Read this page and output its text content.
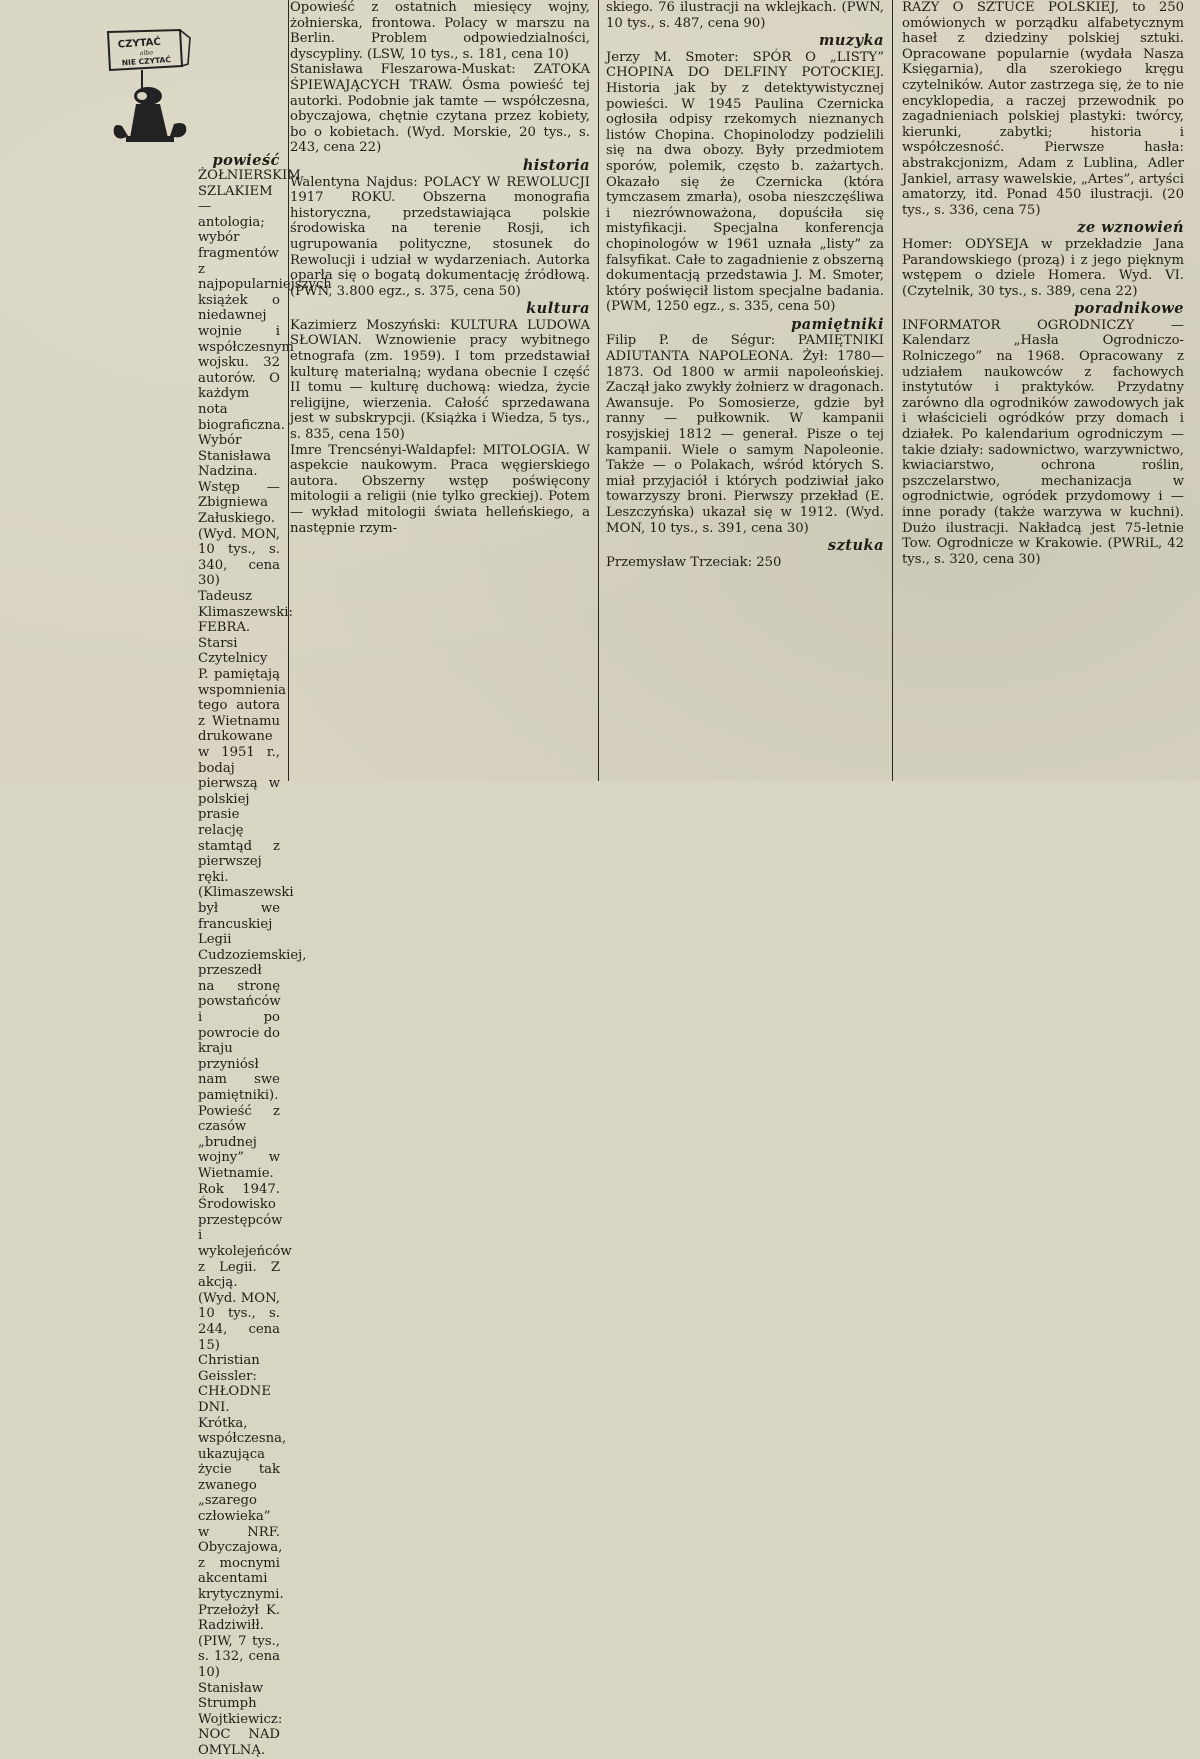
CZYTAĆ
albo
NIE CZYTAĆ
powieść

ŻOŁNIERSKIM SZLAKIEM — antologia; wybór fragmentów z najpopularniejszych książek o niedawnej wojnie i współczesnym wojsku. 32 autorów. O każdym nota biograficzna. Wybór Stanisława Nadzina. Wstęp — Zbigniewa Załuskiego. (Wyd. MON, 10 tys., s. 340, cena 30)

Tadeusz Klimaszewski: FEBRA. Starsi Czytelnicy P. pamiętają wspomnienia tego autora z Wietnamu drukowane w 1951 r., bodaj pierwszą w polskiej prasie relację stamtąd z pierwszej ręki. (Klimaszewski był we francuskiej Legii Cudzoziemskiej, przeszedł na stronę powstańców i po powrocie do kraju przyniósł nam swe pamiętniki). Powieść z czasów „brudnej wojny” w Wietnamie. Rok 1947. Środowisko przestępców i wykolejeńców z Legii. Z akcją. (Wyd. MON, 10 tys., s. 244, cena 15)

Christian Geissler: CHŁODNE DNI. Krótka, współczesna, ukazująca życie tak zwanego „szarego człowieka” w NRF. Obyczajowa, z mocnymi akcentami krytycznymi. Przełożył K. Radziwiłł. (PIW, 7 tys., s. 132, cena 10)

Stanisław Strumph Wojtkiewicz: NOC NAD OMYLNĄ.

Opowieść z ostatnich miesięcy wojny, żołnierska, frontowa. Polacy w marszu na Berlin. Problem odpowiedzialności, dyscypliny. (LSW, 10 tys., s. 181, cena 10)

Stanisława Fleszarowa-Muskat: ZATOKA ŚPIEWAJĄCYCH TRAW. Ósma powieść tej autorki. Podobnie jak tamte — współczesna, obyczajowa, chętnie czytana przez kobiety, bo o kobietach. (Wyd. Morskie, 20 tys., s. 243, cena 22)

historia

Walentyna Najdus: POLACY W REWOLUCJI 1917 ROKU. Obszerna monografia historyczna, przedstawiająca polskie środowiska na terenie Rosji, ich ugrupowania polityczne, stosunek do Rewolucji i udział w wydarzeniach. Autorka oparła się o bogatą dokumentację źródłową. (PWN, 3.800 egz., s. 375, cena 50)

kultura

Kazimierz Moszyński: KULTURA LUDOWA SŁOWIAN. Wznowienie pracy wybitnego etnografa (zm. 1959). I tom przedstawiał kulturę materialną; wydana obecnie I część II tomu — kulturę duchową: wiedza, życie religijne, wierzenia. Całość sprzedawana jest w subskrypcji. (Książka i Wiedza, 5 tys., s. 835, cena 150)

Imre Trencsényi-Waldapfel: MITOLOGIA. W aspekcie naukowym. Praca węgierskiego autora. Obszerny wstęp poświęcony mitologii a religii (nie tylko greckiej). Potem — wykład mitologii świata helleńskiego, a następnie rzym-

skiego. 76 ilustracji na wklejkach. (PWN, 10 tys., s. 487, cena 90)

muzyka

Jerzy M. Smoter: SPÓR O „LISTY” CHOPINA DO DELFINY POTOCKIEJ. Historia jak by z detektywistycznej powieści. W 1945 Paulina Czernicka ogłosiła odpisy rzekomych nieznanych listów Chopina. Chopinolodzy podzielili się na dwa obozy. Były przedmiotem sporów, polemik, często b. zażartych. Okazało się że Czernicka (która tymczasem zmarła), osoba nieszczęśliwa i niezrównoważona, dopuściła się mistyfikacji. Specjalna konferencja chopinologów w 1961 uznała „listy” za falsyfikat. Całe to zagadnienie z obszerną dokumentacją przedstawia J. M. Smoter, który poświęcił listom specjalne badania. (PWM, 1250 egz., s. 335, cena 50)

pamiętniki

Filip P. de Ségur: PAMIĘTNIKI ADIUTANTA NAPOLEONA. Żył: 1780—1873. Od 1800 w armii napoleońskiej. Zaczął jako zwykły żołnierz w dragonach. Awansuje. Po Somosierze, gdzie był ranny — pułkownik. W kampanii rosyjskiej 1812 — generał. Pisze o tej kampanii. Wiele o samym Napoleonie. Także — o Polakach, wśród których S. miał przyjaciół i których podziwiał jako towarzyszy broni. Pierwszy przekład (E. Leszczyńska) ukazał się w 1912. (Wyd. MON, 10 tys., s. 391, cena 30)

sztuka

Przemysław Trzeciak: 250

RAZY O SZTUCE POLSKIEJ, to 250 omówionych w porządku alfabetycznym haseł z dziedziny polskiej sztuki. Opracowane popularnie (wydała Nasza Księgarnia), dla szerokiego kręgu czytelników. Autor zastrzega się, że to nie encyklopedia, a raczej przewodnik po zagadnieniach polskiej plastyki: twórcy, kierunki, zabytki; historia i współczesność. Pierwsze hasła: abstrakcjonizm, Adam z Lublina, Adler Jankiel, arrasy wawelskie, „Artes”, artyści amatorzy, itd. Ponad 450 ilustracji. (20 tys., s. 336, cena 75)

ze wznowień

Homer: ODYSEJA w przekładzie Jana Parandowskiego (prozą) i z jego pięknym wstępem o dziele Homera. Wyd. VI. (Czytelnik, 30 tys., s. 389, cena 22)

poradnikowe

INFORMATOR OGRODNICZY — Kalendarz „Hasła Ogrodniczo-Rolniczego” na 1968. Opracowany z udziałem naukowców z fachowych instytutów i praktyków. Przydatny zarówno dla ogrodników zawodowych jak i właścicieli ogródków przy domach i działek. Po kalendarium ogrodniczym — takie działy: sadownictwo, warzywnictwo, kwiaciarstwo, ochrona roślin, pszczelarstwo, mechanizacja w ogrodnictwie, ogródek przydomowy i — inne porady (także warzywa w kuchni). Dużo ilustracji. Nakładcą jest 75-letnie Tow. Ogrodnicze w Krakowie. (PWRiL, 42 tys., s. 320, cena 30)
